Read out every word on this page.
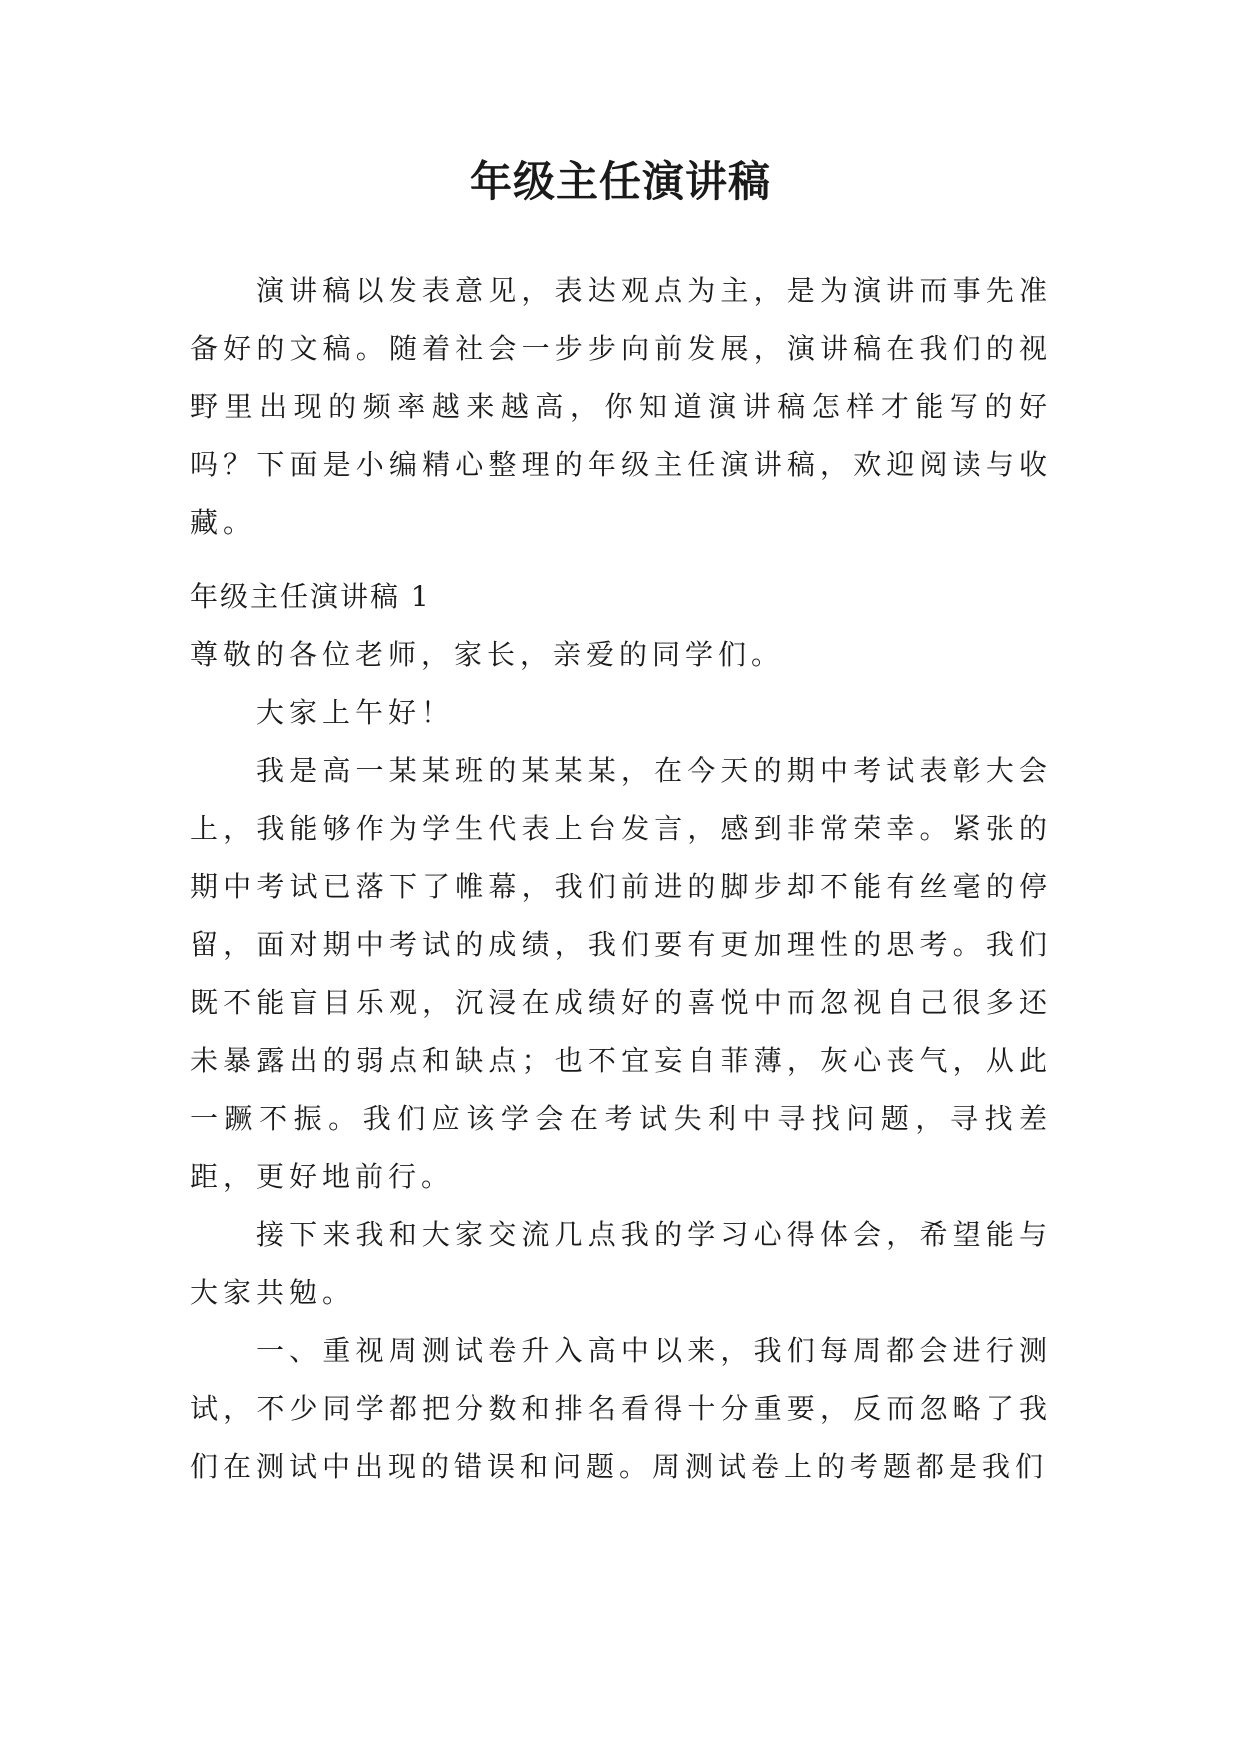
年级主任演讲稿

演讲稿以发表意见，表达观点为主，是为演讲而事先准备好的文稿。随着社会一步步向前发展，演讲稿在我们的视野里出现的频率越来越高，你知道演讲稿怎样才能写的好吗？下面是小编精心整理的年级主任演讲稿，欢迎阅读与收藏。

年级主任演讲稿 1

尊敬的各位老师，家长，亲爱的同学们。

大家上午好！

我是高一某某班的某某某，在今天的期中考试表彰大会上，我能够作为学生代表上台发言，感到非常荣幸。紧张的期中考试已落下了帷幕，我们前进的脚步却不能有丝毫的停留，面对期中考试的成绩，我们要有更加理性的思考。我们既不能盲目乐观，沉浸在成绩好的喜悦中而忽视自己很多还未暴露出的弱点和缺点；也不宜妄自菲薄，灰心丧气，从此一蹶不振。我们应该学会在考试失利中寻找问题，寻找差距，更好地前行。

接下来我和大家交流几点我的学习心得体会，希望能与大家共勉。

一、重视周测试卷升入高中以来，我们每周都会进行测试，不少同学都把分数和排名看得十分重要，反而忽略了我们在测试中出现的错误和问题。周测试卷上的考题都是我们
